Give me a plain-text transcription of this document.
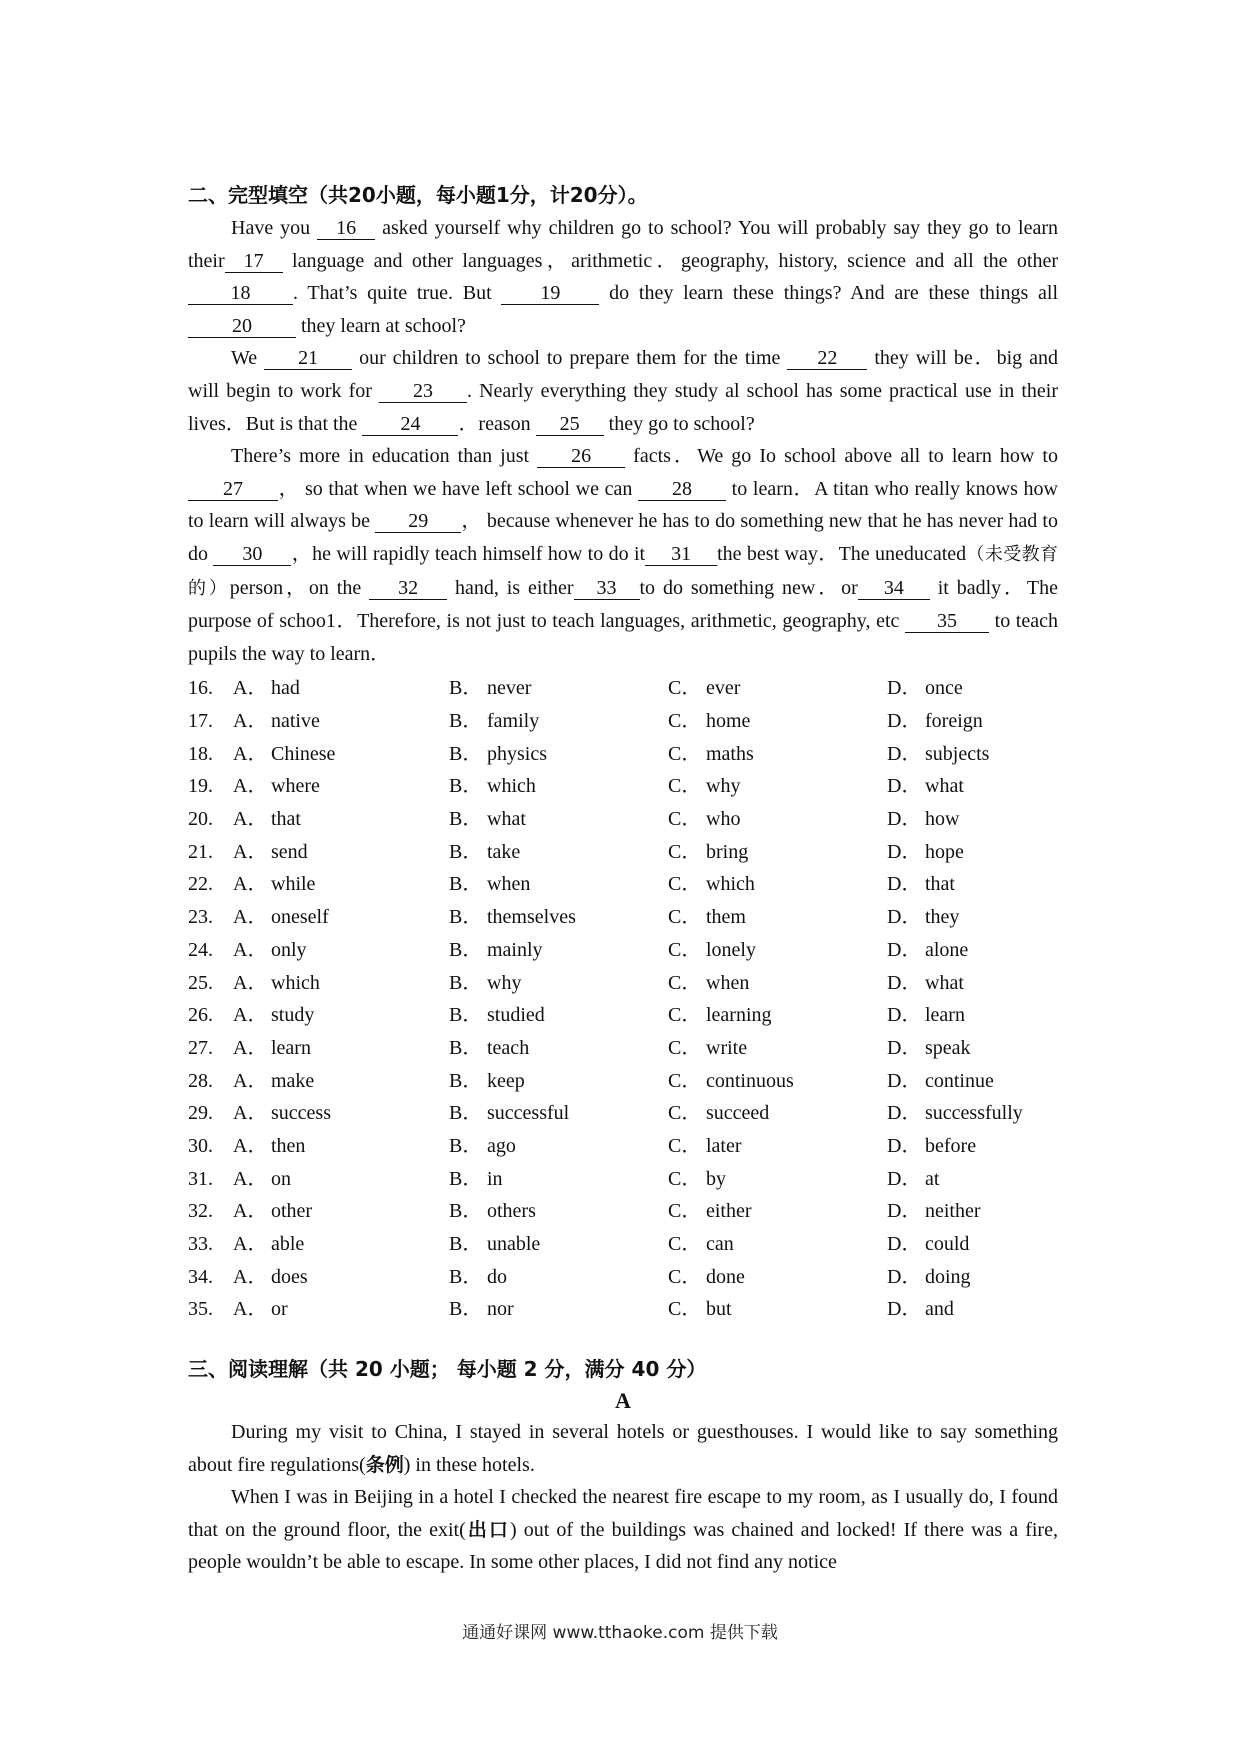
二、完型填空（共20小题，每小题1分，计20分）。

Have you 16 asked yourself why children go to school? You will probably say they go to learn their 17 language and other languages，arithmetic．geography, history, science and all the other18 . That’s quite true. But 19 do they learn these things? And are these things all 20 they learn at school?

We 21 our children to school to prepare them for the time 22 they will be．big and will begin to work for 23 . Nearly everything they study al school has some practical use in their lives．But is that the 24 ．reason 25 they go to school?

There’s more in education than just 26 facts．We go Io school above all to learn how to 27 ， so that when we have left school we can 28 to learn．A titan who really knows how to learn will always be 29 ， because whenever he has to do something new that he has never had to do 30 ，he will rapidly teach himself how to do it 31 the best way．The uneducated（未受教育的）person，on the 32 hand, is either 33 to do something new．or 34 it badly．The purpose of schoo1．Therefore, is not just to teach languages, arithmetic, geography, etc 35 to teach pupils the way to learn．

16.	A． had	B． never	C． ever	D． once
17.	A． native	B． family	C． home	D． foreign
18.	A． Chinese	B． physics	C． maths	D． subjects
19.	A． where	B． which	C． why	D． what
20.	A． that	B． what	C． who	D． how
21.	A． send	B． take	C． bring	D． hope
22.	A． while	B． when	C． which	D． that
23.	A． oneself	B． themselves	C． them	D． they
24.	A． only	B． mainly	C． lonely	D． alone
25.	A． which	B． why	C． when	D． what
26.	A． study	B． studied	C． learning	D． learn
27.	A． learn	B． teach	C． write	D． speak
28.	A． make	B． keep	C． continuous	D． continue
29.	A． success	B． successful	C． succeed	D． successfully
30.	A． then	B． ago	C． later	D． before
31.	A． on	B． in	C． by	D． at
32.	A． other	B． others	C． either	D． neither
33.	A． able	B． unable	C． can	D． could
34.	A． does	B． do	C． done	D． doing
35.	A． or	B． nor	C． but	D． and
三、阅读理解（共 20 小题； 每小题 2 分，满分 40 分）
A

During my visit to China, I stayed in several hotels or guesthouses. I would like to say something about fire regulations(条例) in these hotels.

When I was in Beijing in a hotel I checked the nearest fire escape to my room, as I usually do, I found that on the ground floor, the exit(出口) out of the buildings was chained and locked! If there was a fire, people wouldn’t be able to escape. In some other places, I did not find any notice

通通好课网 www.tthaoke.com 提供下载
